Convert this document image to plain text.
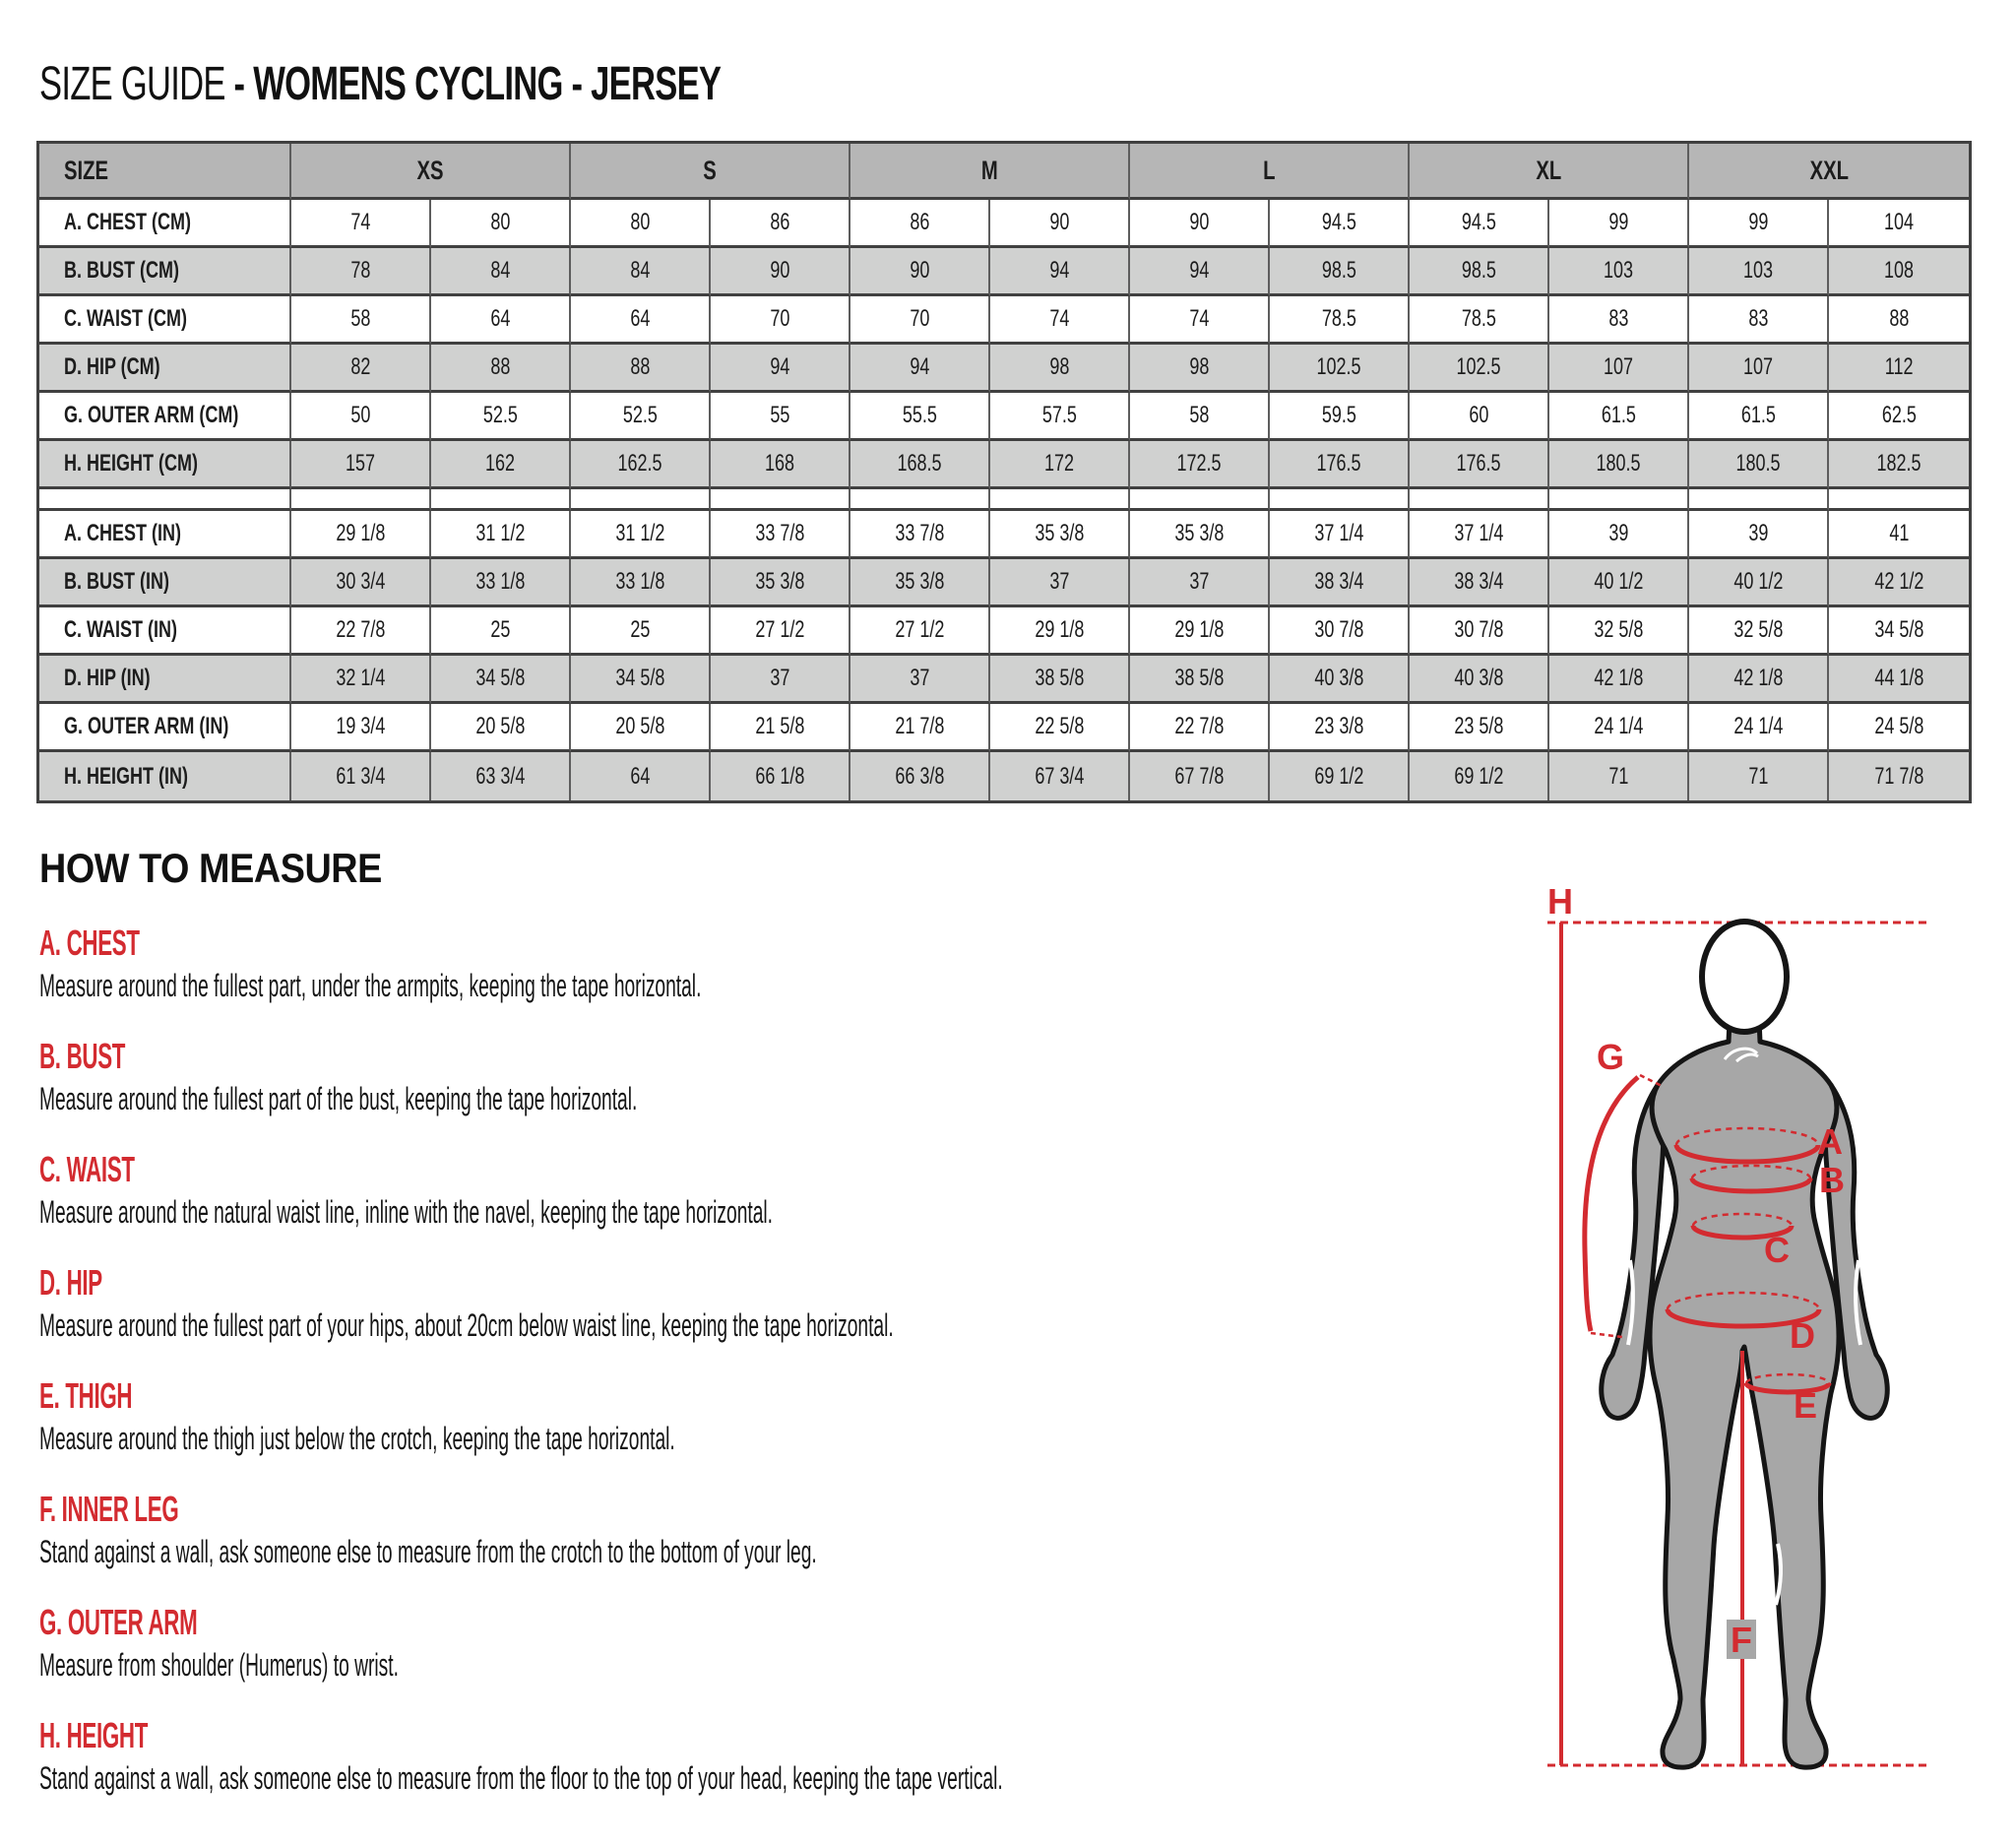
SIZE GUIDE - WOMENS CYCLING - JERSEY
SIZE	XS	S	M	L	XL	XXL
A. CHEST (CM)	74	80	80	86	86	90	90	94.5	94.5	99	99	104
B. BUST (CM)	78	84	84	90	90	94	94	98.5	98.5	103	103	108
C. WAIST (CM)	58	64	64	70	70	74	74	78.5	78.5	83	83	88
D. HIP (CM)	82	88	88	94	94	98	98	102.5	102.5	107	107	112
G. OUTER ARM (CM)	50	52.5	52.5	55	55.5	57.5	58	59.5	60	61.5	61.5	62.5
H. HEIGHT (CM)	157	162	162.5	168	168.5	172	172.5	176.5	176.5	180.5	180.5	182.5
A. CHEST (IN)	29 1/8	31 1/2	31 1/2	33 7/8	33 7/8	35 3/8	35 3/8	37 1/4	37 1/4	39	39	41
B. BUST (IN)	30 3/4	33 1/8	33 1/8	35 3/8	35 3/8	37	37	38 3/4	38 3/4	40 1/2	40 1/2	42 1/2
C. WAIST (IN)	22 7/8	25	25	27 1/2	27 1/2	29 1/8	29 1/8	30 7/8	30 7/8	32 5/8	32 5/8	34 5/8
D. HIP (IN)	32 1/4	34 5/8	34 5/8	37	37	38 5/8	38 5/8	40 3/8	40 3/8	42 1/8	42 1/8	44 1/8
G. OUTER ARM (IN)	19 3/4	20 5/8	20 5/8	21 5/8	21 7/8	22 5/8	22 7/8	23 3/8	23 5/8	24 1/4	24 1/4	24 5/8
H. HEIGHT (IN)	61 3/4	63 3/4	64	66 1/8	66 3/8	67 3/4	67 7/8	69 1/2	69 1/2	71	71	71 7/8
HOW TO MEASURE
A. CHEST

Measure around the fullest part, under the armpits, keeping the tape horizontal.

B. BUST

Measure around the fullest part of the bust, keeping the tape horizontal.

C. WAIST

Measure around the natural waist line, inline with the navel, keeping the tape horizontal.

D. HIP

Measure around the fullest part of your hips, about 20cm below waist line, keeping the tape horizontal.

E. THIGH

Measure around the thigh just below the crotch, keeping the tape horizontal.

F. INNER LEG

Stand against a wall, ask someone else to measure from the crotch to the bottom of your leg.

G. OUTER ARM

Measure from shoulder (Humerus) to wrist.

H. HEIGHT

Stand against a wall, ask someone else to measure from the floor to the top of your head, keeping the tape vertical.

H
A
B
C
D
E
F
G
